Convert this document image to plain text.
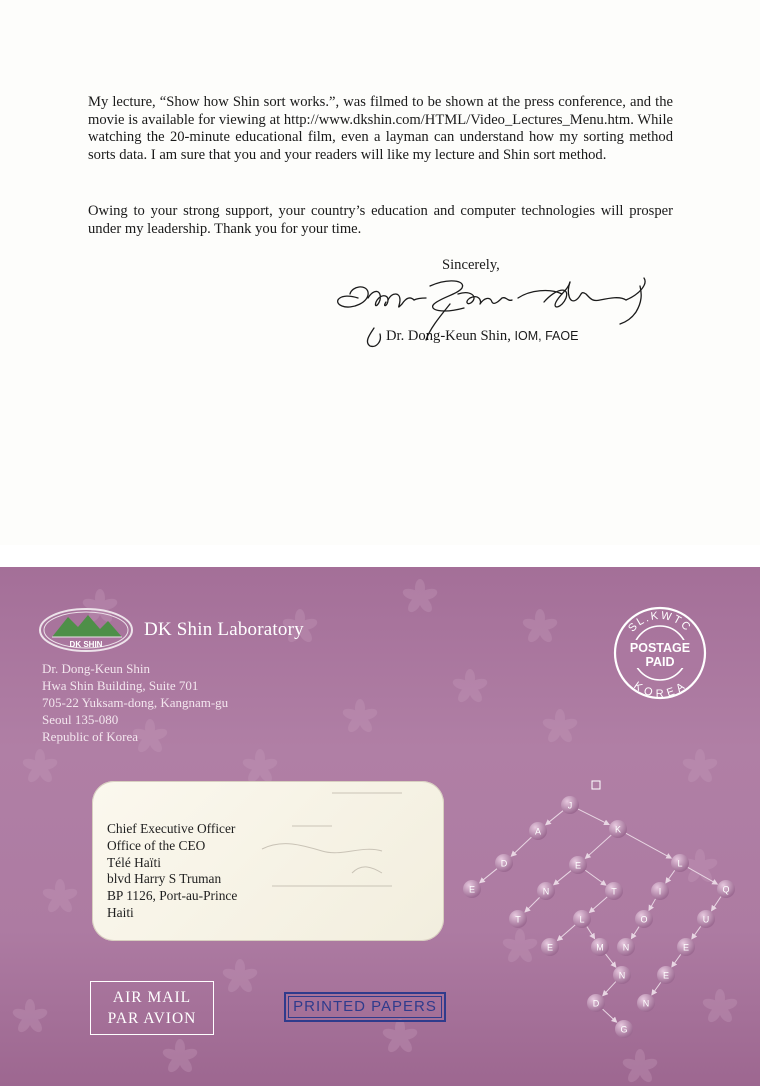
My lecture, “Show how Shin sort works.”, was filmed to be shown at the press conference, and the movie is available for viewing at http://www.dkshin.com/HTML/Video_Lectures_Menu.htm. While watching the 20-minute educational film, even a layman can understand how my sorting method sorts data. I am sure that you and your readers will like my lecture and Shin sort method.

Owing to your strong support, your country’s education and computer technologies will prosper under my leadership. Thank you for your time.

Sincerely,
Dr. Dong-Keun Shin, IOM, FAOE
DK SHIN
DK Shin Laboratory
Dr. Dong-Keun Shin
Hwa Shin Building, Suite 701
705-22 Yuksam-dong, Kangnam-gu
Seoul 135-080
Republic of Korea
SL.KWTC
KOREA
POSTAGE
PAID
Chief Executive Officer
Office of the CEO
Télé Haïti
blvd Harry S Truman
BP 1126, Port-au-Prince
Haiti
J
A	K
D	E	L
E	N	T	I	Q
T	L	O	U
E	M N	E
N	E
D	N
G
AIR MAIL
PAR AVION
PRINTED PAPERS
